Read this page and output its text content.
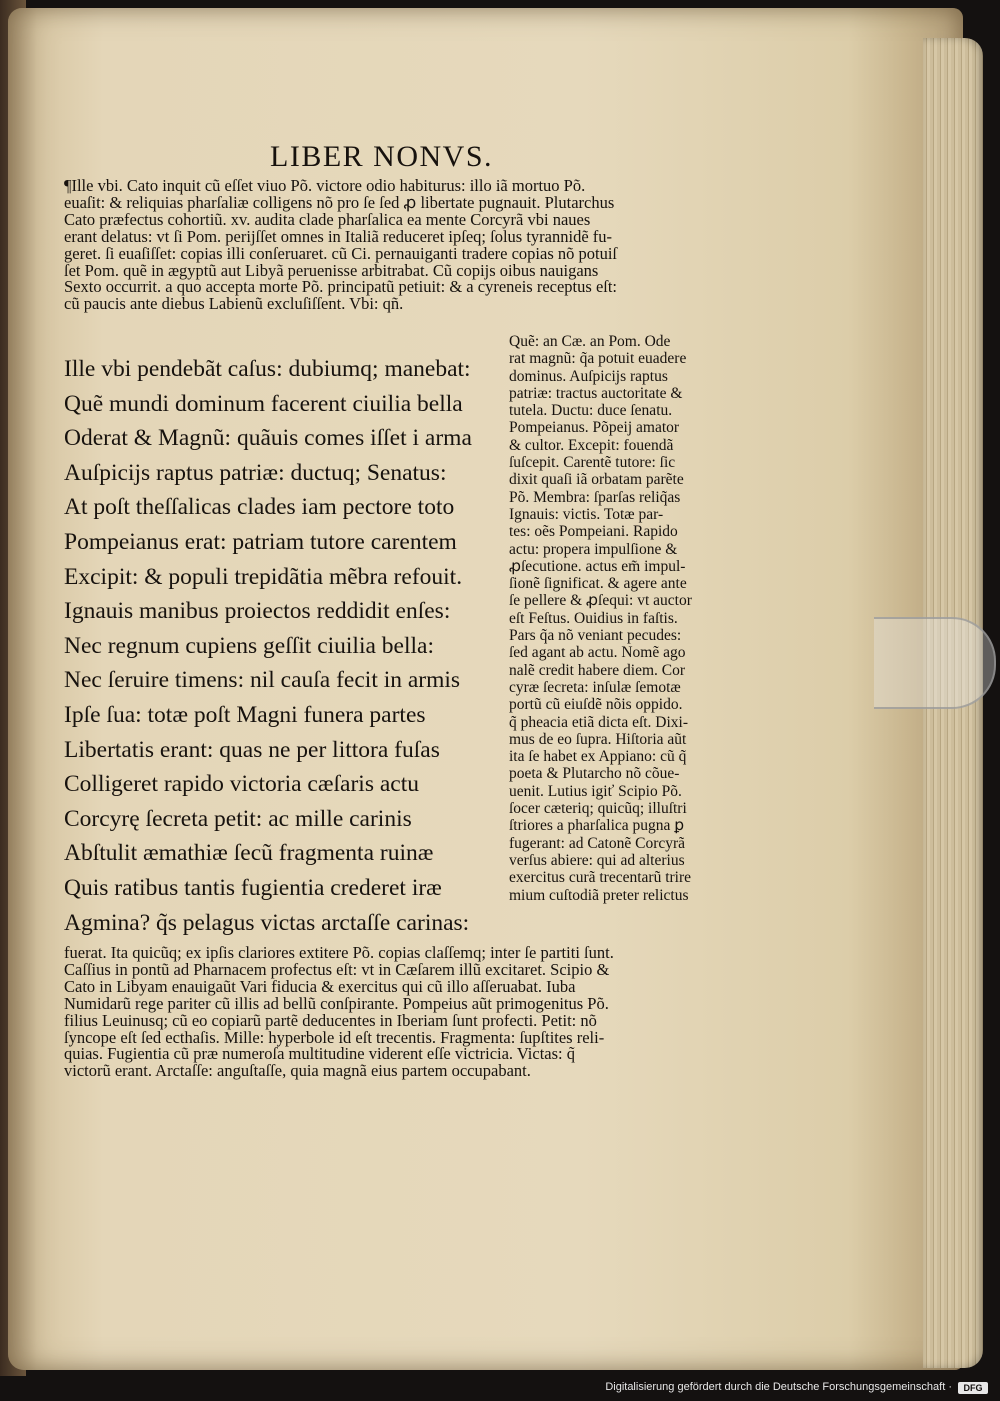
LIBER NONVS.
¶Ille vbi. Cato inquit cũ eſſet viuo Põ. victore odio habiturus: illo iã mortuo Põ.
euaſit: & reliquias pharſaliæ colligens nõ pro ſe ſed ꝓ libertate pugnauit. Plutarchus
Cato præfectus cohortiũ. xv. audita clade pharſalica ea mente Corcyrã vbi naues
erant delatus: vt ſi Pom. perijſſet omnes in Italiã reduceret ipſeq; ſolus tyrannidẽ fu-
geret. ſi euaſiſſet: copias illi conſeruaret. cũ Ci. pernauiganti tradere copias nõ potuiſ
ſet Pom. quẽ in ægyptũ aut Libyã peruenisse arbitrabat. Cũ copijs oibus nauigans
Sexto occurrit. a quo accepta morte Põ. principatũ petiuit: & a cyreneis receptus eſt:
cũ paucis ante diebus Labienũ excluſiſſent. Vbi: qñ.
Ille vbi pendebãt caſus: dubiumq; manebat:
Quẽ mundi dominum facerent ciuilia bella
Oderat & Magnũ: quãuis comes iſſet i arma
Auſpicijs raptus patriæ: ductuq; Senatus:
At poſt theſſalicas clades iam pectore toto
Pompeianus erat: patriam tutore carentem
Excipit: & populi trepidãtia mẽbra refouit.
Ignauis manibus proiectos reddidit enſes:
Nec regnum cupiens geſſit ciuilia bella:
Nec ſeruire timens: nil cauſa fecit in armis
Ipſe ſua: totæ poſt Magni funera partes
Libertatis erant: quas ne per littora fuſas
Colligeret rapido victoria cæſaris actu
Corcyrę ſecreta petit: ac mille carinis
Abſtulit æmathiæ ſecũ fragmenta ruinæ
Quis ratibus tantis fugientia crederet iræ
Agmina? q̃s pelagus victas arctaſſe carinas:
Quẽ: an Cæ. an Pom. Ode
rat magnũ: q̃a potuit euadere
dominus. Auſpicijs raptus
patriæ: tractus auctoritate &
tutela. Ductu: duce ſenatu.
Pompeianus. Põpeij amator
& cultor. Excepit: fouendã
ſuſcepit. Carentẽ tutore: ſic
dixit quaſi iã orbatam parẽte
Põ. Membra: ſparſas reliq̃as
Ignauis: victis. Totæ par-
tes: oẽs Pompeiani. Rapido
actu: propera impulſione &
ꝓſecutione. actus em̃ impul-
ſionẽ ſignificat. & agere ante
ſe pellere & ꝓſequi: vt auctor
eſt Feſtus. Ouidius in faſtis.
Pars q̃a nõ veniant pecudes:
ſed agant ab actu. Nomẽ ago
nalẽ credit habere diem. Cor
cyræ ſecreta: inſulæ ſemotæ
portũ cũ eiuſdẽ nõis oppido.
q̃ pheacia etiã dicta eſt. Dixi-
mus de eo ſupra. Hiſtoria aũt
ita ſe habet ex Appiano: cũ q̃
poeta & Plutarcho nõ cõue-
uenit. Lutius igiť Scipio Põ.
ſocer cæteriq; quicũq; illuſtri
ſtriores a pharſalica pugna ꝑ
fugerant: ad Catonẽ Corcyrã
verſus abiere: qui ad alterius
exercitus curã trecentarũ trire
mium cuſtodiã preter relictus
fuerat. Ita quicũq; ex ipſis clariores extitere Põ. copias claſſemq; inter ſe partiti ſunt.
Caſſius in pontũ ad Pharnacem profectus eſt: vt in Cæſarem illũ excitaret. Scipio &
Cato in Libyam enauigaũt Vari fiducia & exercitus qui cũ illo aſſeruabat. Iuba
Numidarũ rege pariter cũ illis ad bellũ conſpirante. Pompeius aũt primogenitus Põ.
filius Leuinusq; cũ eo copiarũ partẽ deducentes in Iberiam ſunt profecti. Petit: nõ
ſyncope eſt ſed ecthaſis. Mille: hyperbole id eſt trecentis. Fragmenta: ſupſtites reli-
quias. Fugientia cũ præ numeroſa multitudine viderent eſſe victricia. Victas: q̃
victorũ erant. Arctaſſe: anguſtaſſe, quia magnã eius partem occupabant.
Digitalisierung gefördert durch die Deutsche Forschungsgemeinschaft ·	DFG
